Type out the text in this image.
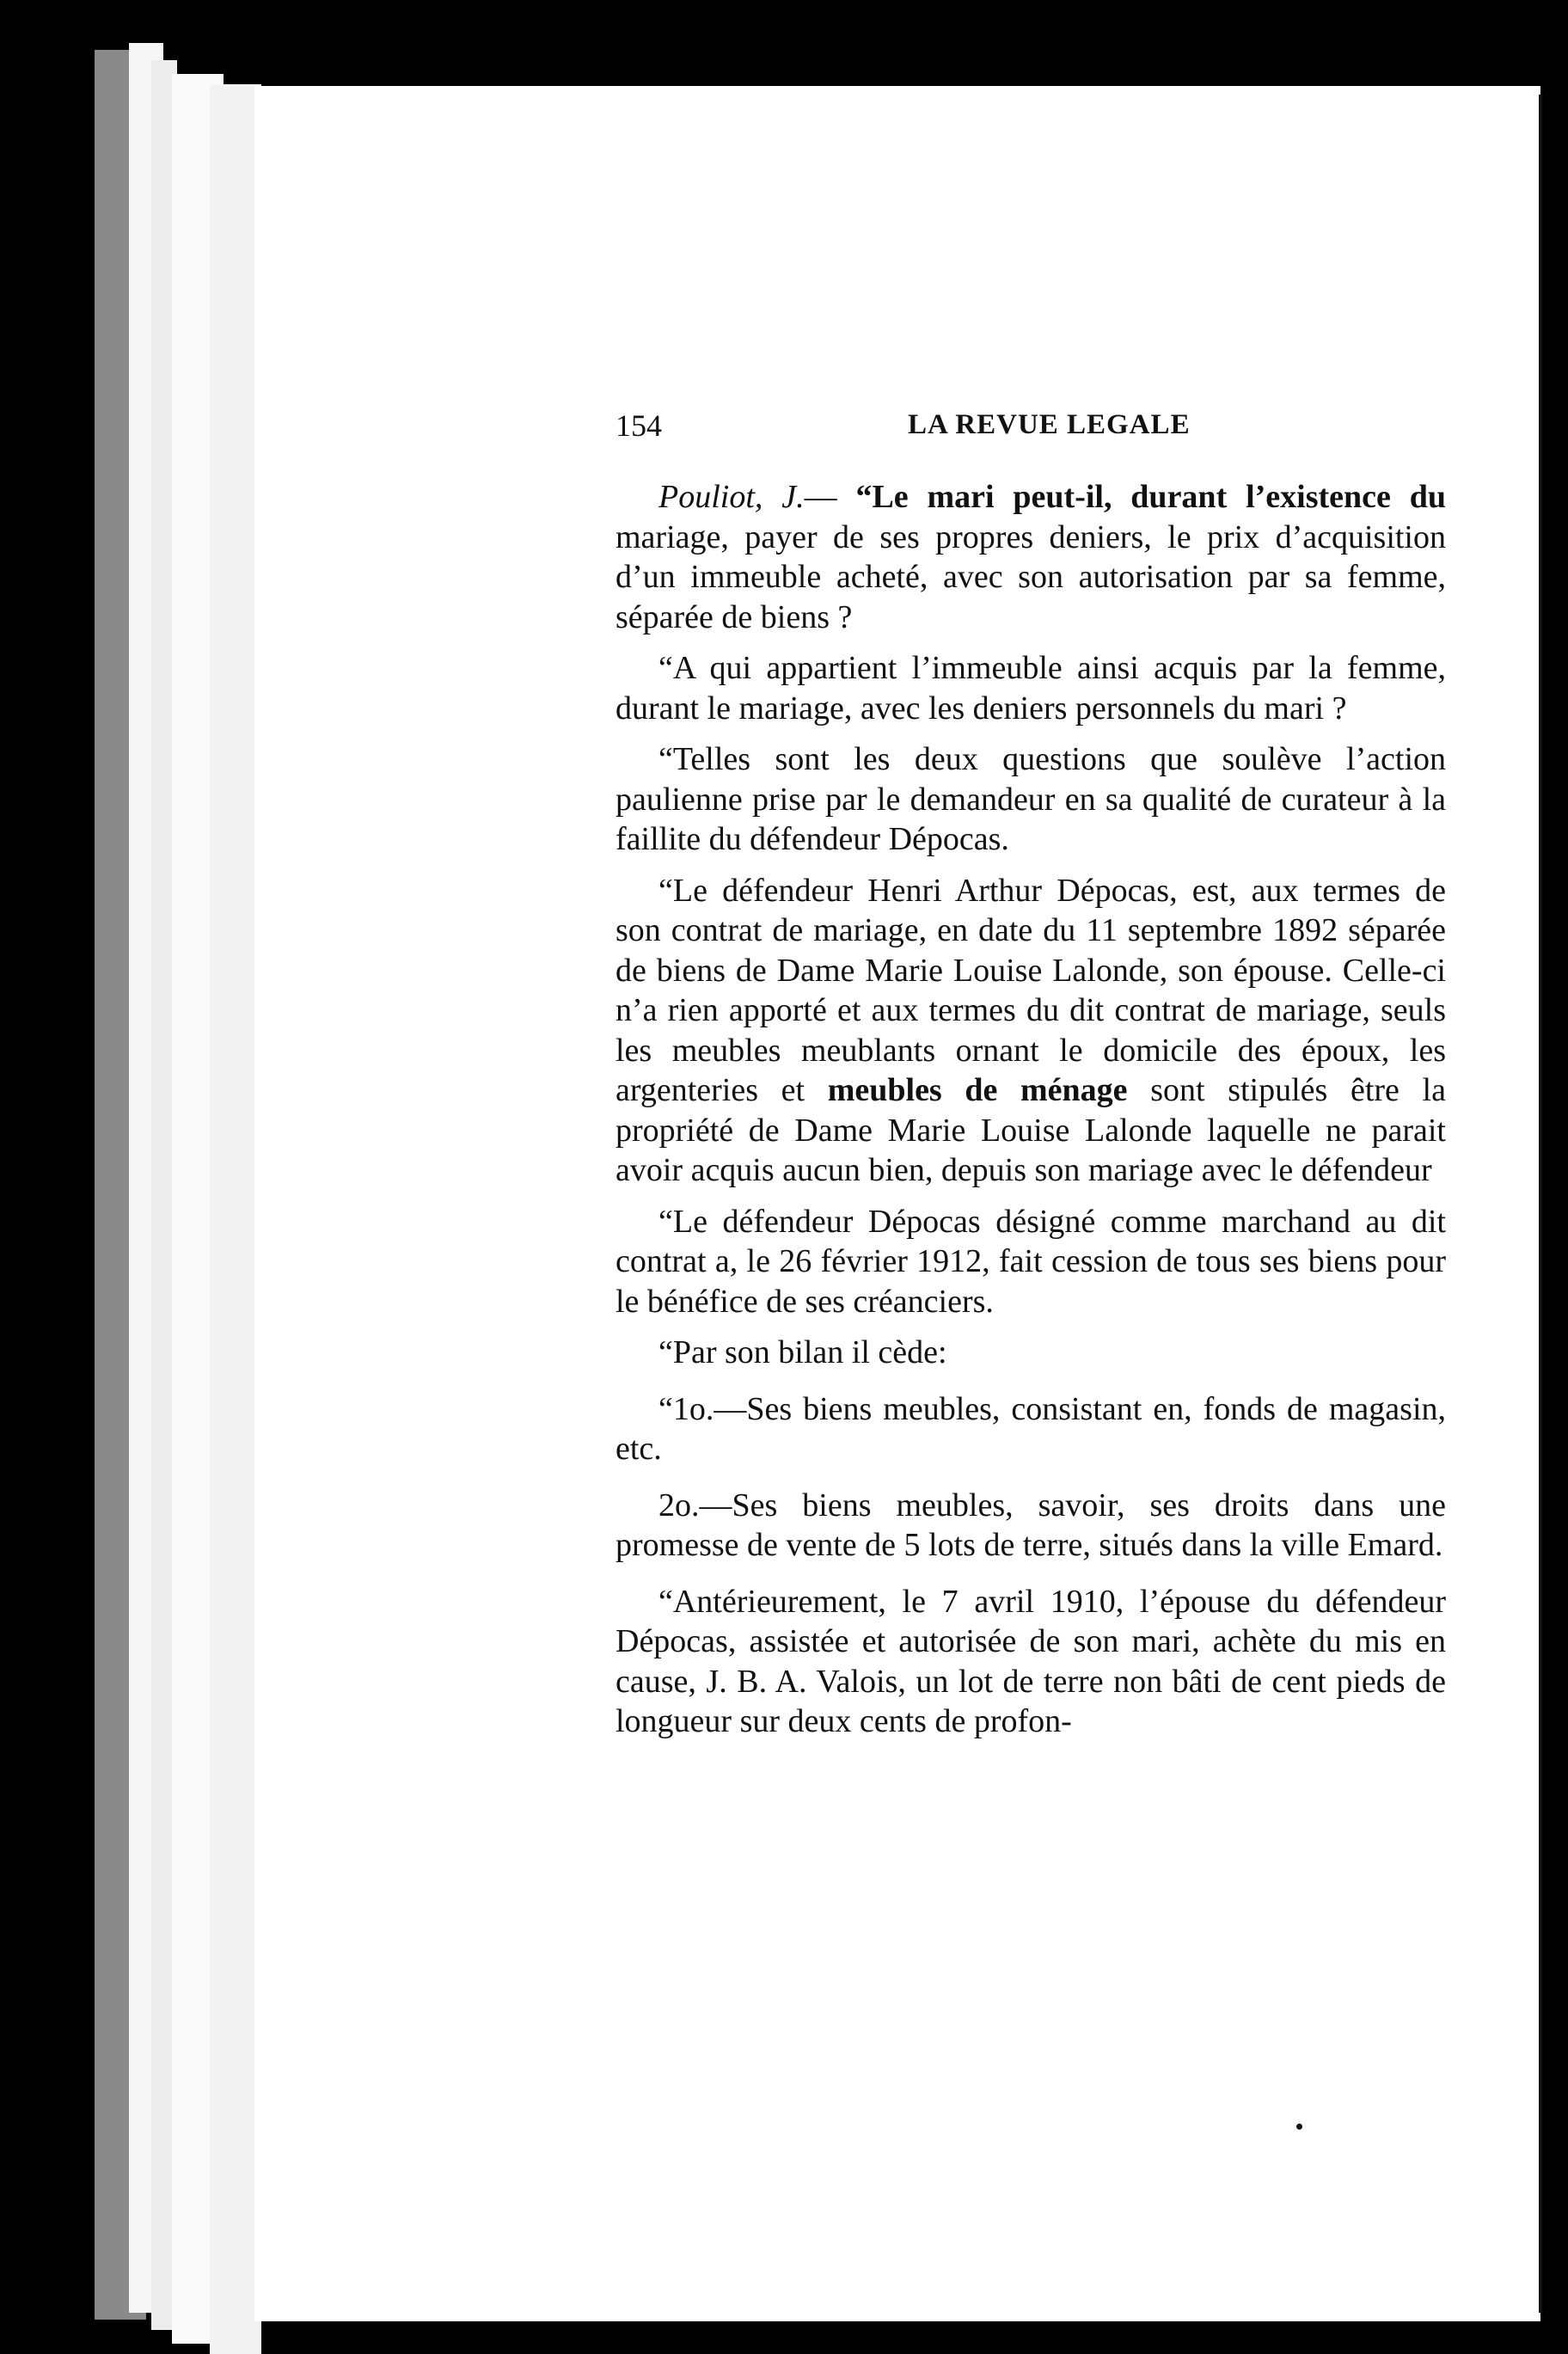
154	LA REVUE LEGALE

Pouliot, J.— “Le mari peut-il, durant l’existence du mariage, payer de ses propres deniers, le prix d’acquisition d’un immeuble acheté, avec son autorisation par sa femme, séparée de biens ?

“A qui appartient l’immeuble ainsi acquis par la femme, durant le mariage, avec les deniers personnels du mari ?

“Telles sont les deux questions que soulève l’action paulienne prise par le demandeur en sa qualité de curateur à la faillite du défendeur Dépocas.

“Le défendeur Henri Arthur Dépocas, est, aux termes de son contrat de mariage, en date du 11 septembre 1892 séparée de biens de Dame Marie Louise Lalonde, son épouse. Celle-ci n’a rien apporté et aux termes du dit contrat de mariage, seuls les meubles meublants ornant le domicile des époux, les argenteries et meubles de ménage sont stipulés être la propriété de Dame Marie Louise Lalonde laquelle ne parait avoir acquis aucun bien, depuis son mariage avec le défendeur

“Le défendeur Dépocas désigné comme marchand au dit contrat a, le 26 février 1912, fait cession de tous ses biens pour le bénéfice de ses créanciers.

“Par son bilan il cède:

“1o.—Ses biens meubles, consistant en, fonds de magasin, etc.

2o.—Ses biens meubles, savoir, ses droits dans une promesse de vente de 5 lots de terre, situés dans la ville Emard.

“Antérieurement, le 7 avril 1910, l’épouse du défendeur Dépocas, assistée et autorisée de son mari, achète du mis en cause, J. B. A. Valois, un lot de terre non bâti de cent pieds de longueur sur deux cents de profon-
